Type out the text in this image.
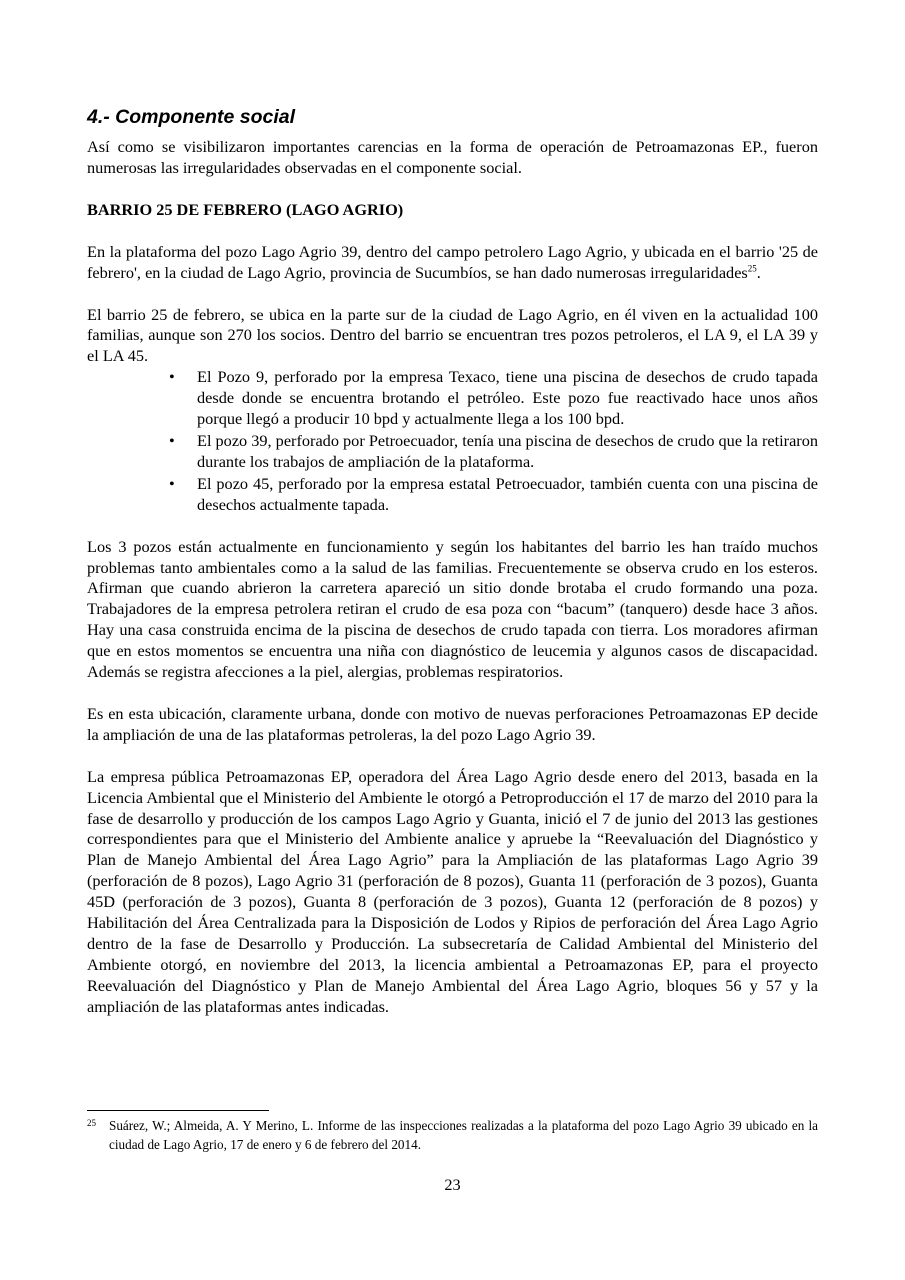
4.- Componente social

Así como se visibilizaron importantes carencias en la forma de operación de Petroamazonas EP., fueron numerosas las irregularidades observadas en el componente social.

BARRIO 25 DE FEBRERO (LAGO AGRIO)

En la plataforma del pozo Lago Agrio 39, dentro del campo petrolero Lago Agrio, y ubicada en el barrio '25 de febrero', en la ciudad de Lago Agrio, provincia de Sucumbíos, se han dado numerosas irregularidades$^{25}$.

El barrio 25 de febrero, se ubica en la parte sur de la ciudad de Lago Agrio, en él viven en la actualidad 100 familias, aunque son 270 los socios. Dentro del barrio se encuentran tres pozos petroleros, el LA 9, el LA 39 y el LA 45.

• El Pozo 9, perforado por la empresa Texaco, tiene una piscina de desechos de crudo tapada desde donde se encuentra brotando el petróleo. Este pozo fue reactivado hace unos años porque llegó a producir 10 bpd y actualmente llega a los 100 bpd.
• El pozo 39, perforado por Petroecuador, tenía una piscina de desechos de crudo que la retiraron durante los trabajos de ampliación de la plataforma.
• El pozo 45, perforado por la empresa estatal Petroecuador, también cuenta con una piscina de desechos actualmente tapada.

Los 3 pozos están actualmente en funcionamiento y según los habitantes del barrio les han traído muchos problemas tanto ambientales como a la salud de las familias. Frecuentemente se observa crudo en los esteros. Afirman que cuando abrieron la carretera apareció un sitio donde brotaba el crudo formando una poza. Trabajadores de la empresa petrolera retiran el crudo de esa poza con “bacum” (tanquero) desde hace 3 años. Hay una casa construida encima de la piscina de desechos de crudo tapada con tierra. Los moradores afirman que en estos momentos se encuentra una niña con diagnóstico de leucemia y algunos casos de discapacidad. Además se registra afecciones a la piel, alergias, problemas respiratorios.

Es en esta ubicación, claramente urbana, donde con motivo de nuevas perforaciones Petroamazonas EP decide la ampliación de una de las plataformas petroleras, la del pozo Lago Agrio 39.

La empresa pública Petroamazonas EP, operadora del Área Lago Agrio desde enero del 2013, basada en la Licencia Ambiental que el Ministerio del Ambiente le otorgó a Petroproducción el 17 de marzo del 2010 para la fase de desarrollo y producción de los campos Lago Agrio y Guanta, inició el 7 de junio del 2013 las gestiones correspondientes para que el Ministerio del Ambiente analice y apruebe la “Reevaluación del Diagnóstico y Plan de Manejo Ambiental del Área Lago Agrio” para la Ampliación de las plataformas Lago Agrio 39 (perforación de 8 pozos), Lago Agrio 31 (perforación de 8 pozos), Guanta 11 (perforación de 3 pozos), Guanta 45D (perforación de 3 pozos), Guanta 8 (perforación de 3 pozos), Guanta 12 (perforación de 8 pozos) y Habilitación del Área Centralizada para la Disposición de Lodos y Ripios de perforación del Área Lago Agrio dentro de la fase de Desarrollo y Producción. La subsecretaría de Calidad Ambiental del Ministerio del Ambiente otorgó, en noviembre del 2013, la licencia ambiental a Petroamazonas EP, para el proyecto Reevaluación del Diagnóstico y Plan de Manejo Ambiental del Área Lago Agrio, bloques 56 y 57 y la ampliación de las plataformas antes indicadas.

25 Suárez, W.; Almeida, A. Y Merino, L. Informe de las inspecciones realizadas a la plataforma del pozo Lago Agrio 39 ubicado en la ciudad de Lago Agrio, 17 de enero y 6 de febrero del 2014.
23
